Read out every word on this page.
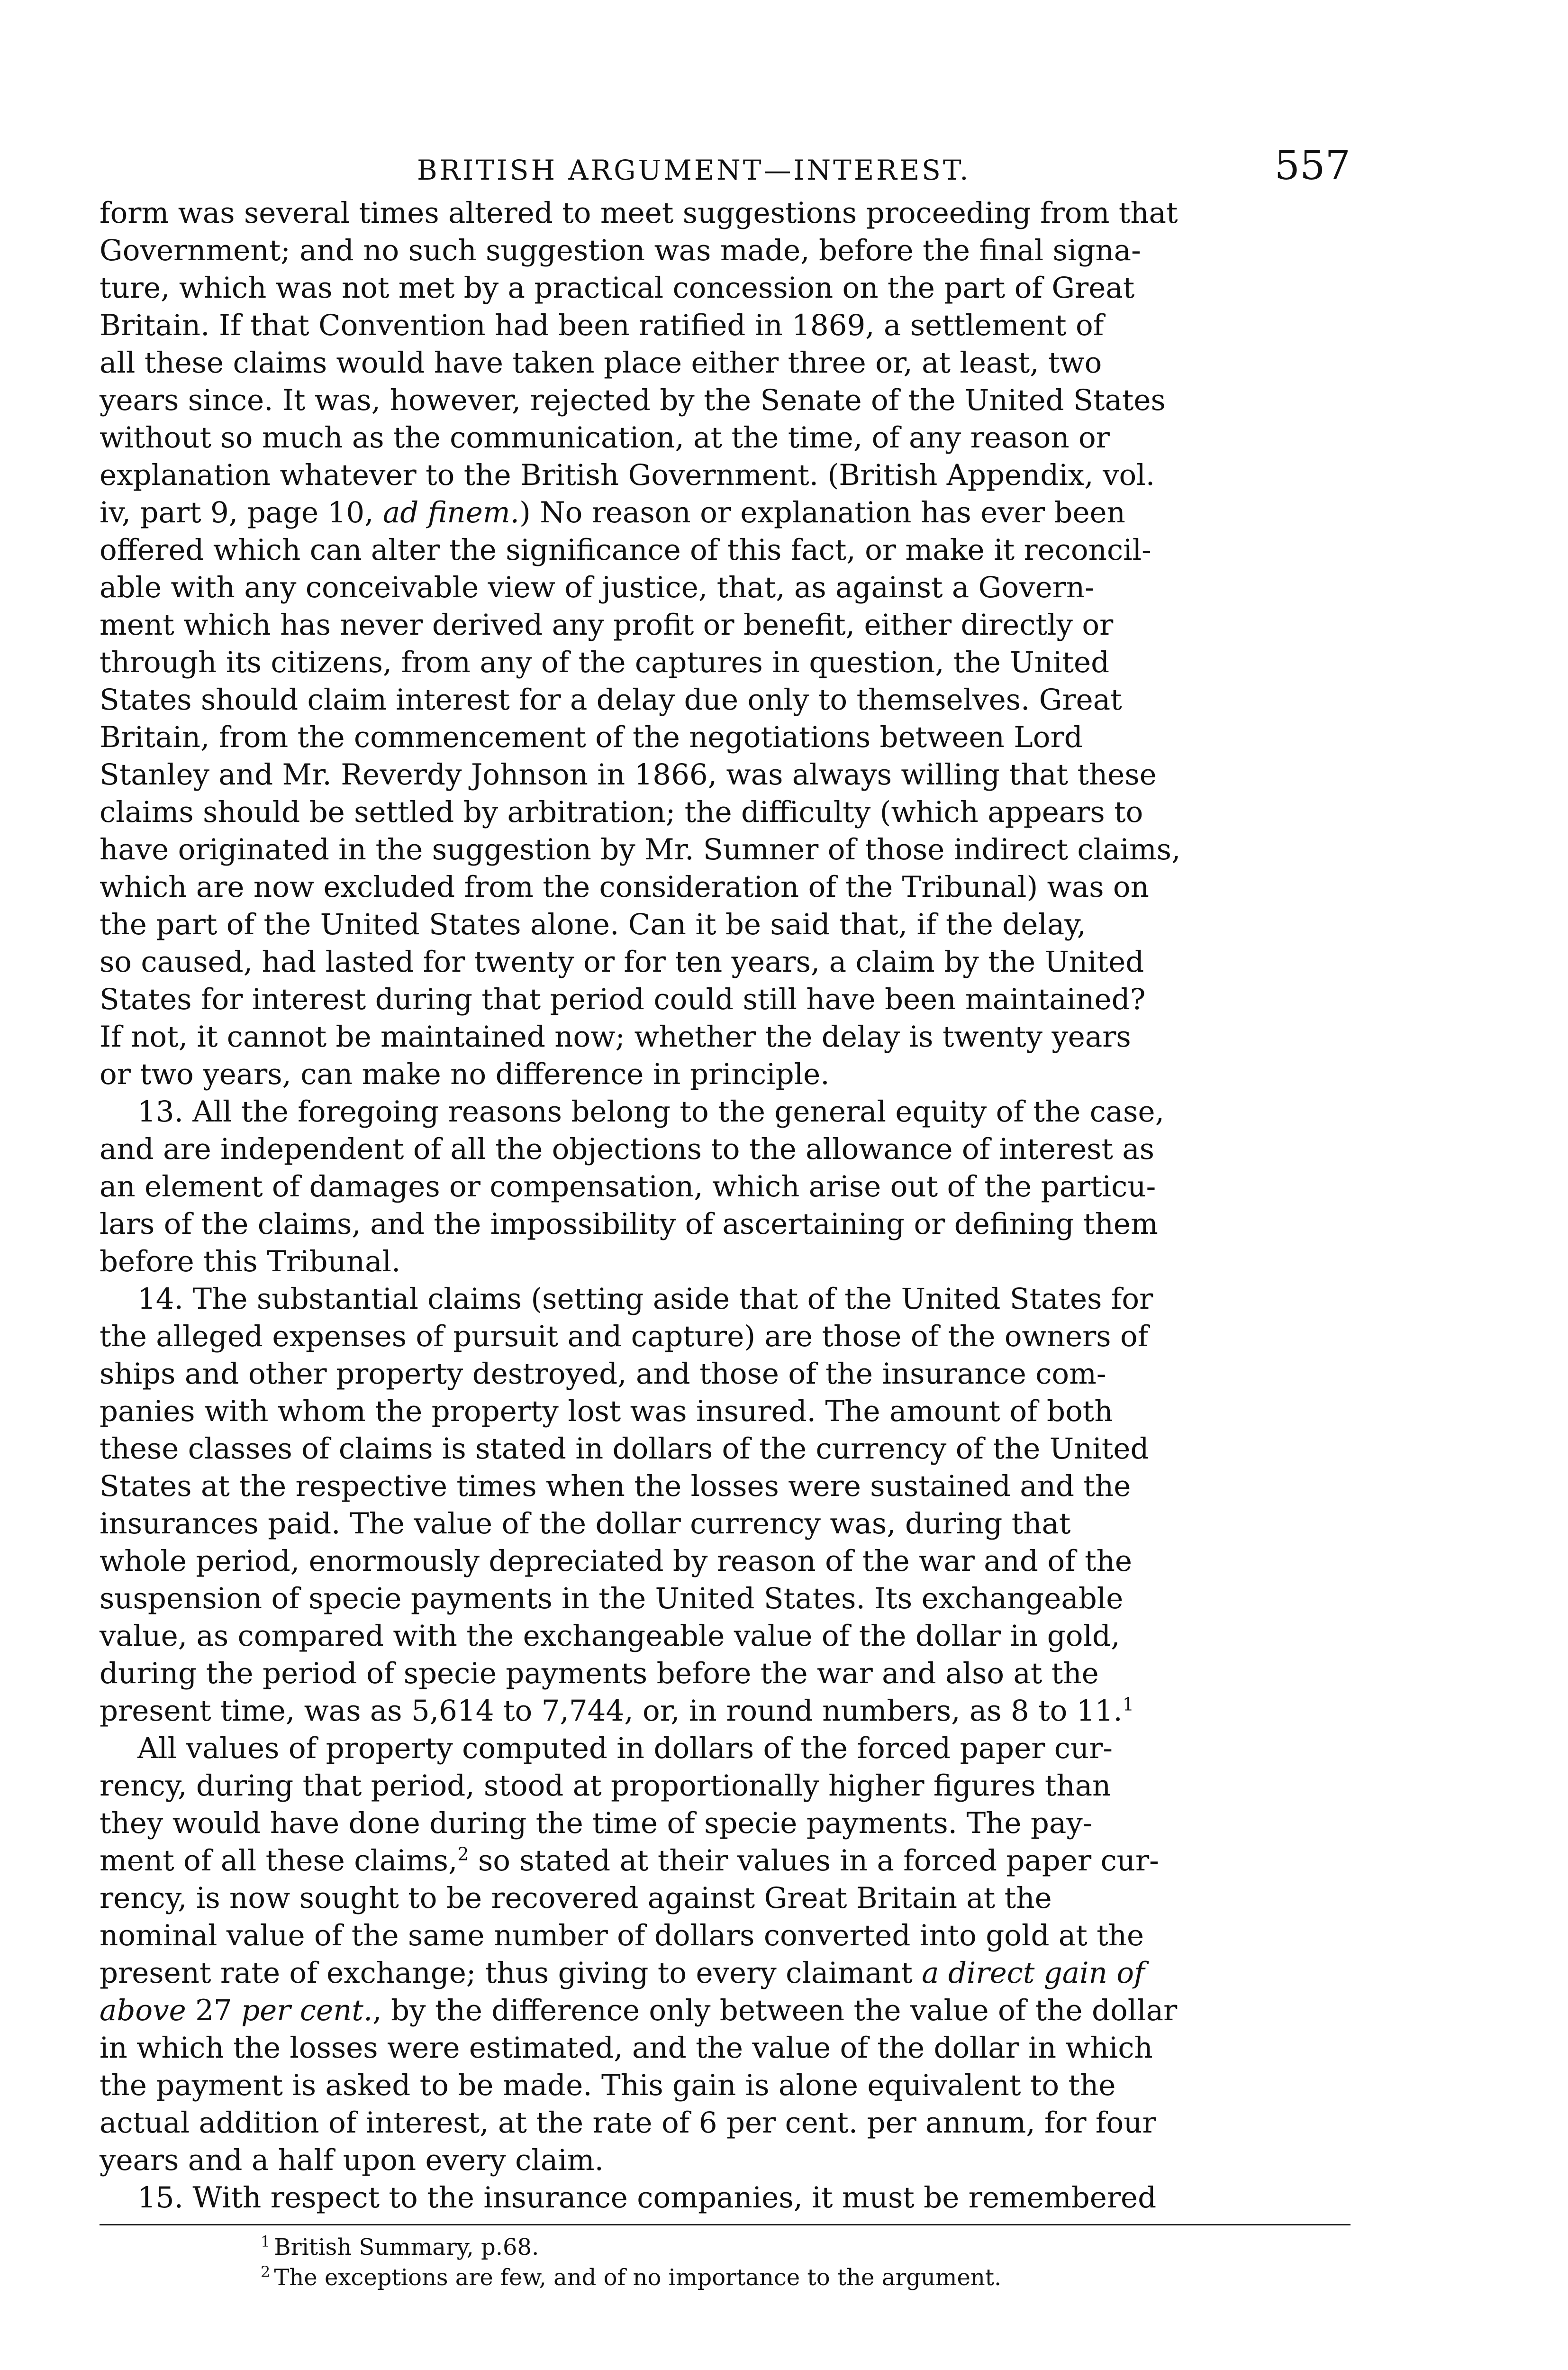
BRITISH ARGUMENT—INTEREST.	557

form was several times altered to meet suggestions proceeding from that
Government; and no such suggestion was made, before the final signa-
ture, which was not met by a practical concession on the part of Great
Britain. If that Convention had been ratified in 1869, a settlement of
all these claims would have taken place either three or, at least, two
years since. It was, however, rejected by the Senate of the United States
without so much as the communication, at the time, of any reason or
explanation whatever to the British Government. (British Appendix, vol.
iv, part 9, page 10, ad finem.) No reason or explanation has ever been
offered which can alter the significance of this fact, or make it reconcil-
able with any conceivable view of justice, that, as against a Govern-
ment which has never derived any profit or benefit, either directly or
through its citizens, from any of the captures in question, the United
States should claim interest for a delay due only to themselves. Great
Britain, from the commencement of the negotiations between Lord
Stanley and Mr. Reverdy Johnson in 1866, was always willing that these
claims should be settled by arbitration; the difficulty (which appears to
have originated in the suggestion by Mr. Sumner of those indirect claims,
which are now excluded from the consideration of the Tribunal) was on
the part of the United States alone. Can it be said that, if the delay,
so caused, had lasted for twenty or for ten years, a claim by the United
States for interest during that period could still have been maintained?
If not, it cannot be maintained now; whether the delay is twenty years
or two years, can make no difference in principle.

13. All the foregoing reasons belong to the general equity of the case,
and are independent of all the objections to the allowance of interest as
an element of damages or compensation, which arise out of the particu-
lars of the claims, and the impossibility of ascertaining or defining them
before this Tribunal.

14. The substantial claims (setting aside that of the United States for
the alleged expenses of pursuit and capture) are those of the owners of
ships and other property destroyed, and those of the insurance com-
panies with whom the property lost was insured. The amount of both
these classes of claims is stated in dollars of the currency of the United
States at the respective times when the losses were sustained and the
insurances paid. The value of the dollar currency was, during that
whole period, enormously depreciated by reason of the war and of the
suspension of specie payments in the United States. Its exchangeable
value, as compared with the exchangeable value of the dollar in gold,
during the period of specie payments before the war and also at the
present time, was as 5,614 to 7,744, or, in round numbers, as 8 to 11.$^1$

All values of property computed in dollars of the forced paper cur-
rency, during that period, stood at proportionally higher figures than
they would have done during the time of specie payments. The pay-
ment of all these claims,$^2$ so stated at their values in a forced paper cur-
rency, is now sought to be recovered against Great Britain at the
nominal value of the same number of dollars converted into gold at the
present rate of exchange; thus giving to every claimant a direct gain of
above 27 per cent., by the difference only between the value of the dollar
in which the losses were estimated, and the value of the dollar in which
the payment is asked to be made. This gain is alone equivalent to the
actual addition of interest, at the rate of 6 per cent. per annum, for four
years and a half upon every claim.

15. With respect to the insurance companies, it must be remembered

$^1$ British Summary, p.68.

$^2$ The exceptions are few, and of no importance to the argument.
